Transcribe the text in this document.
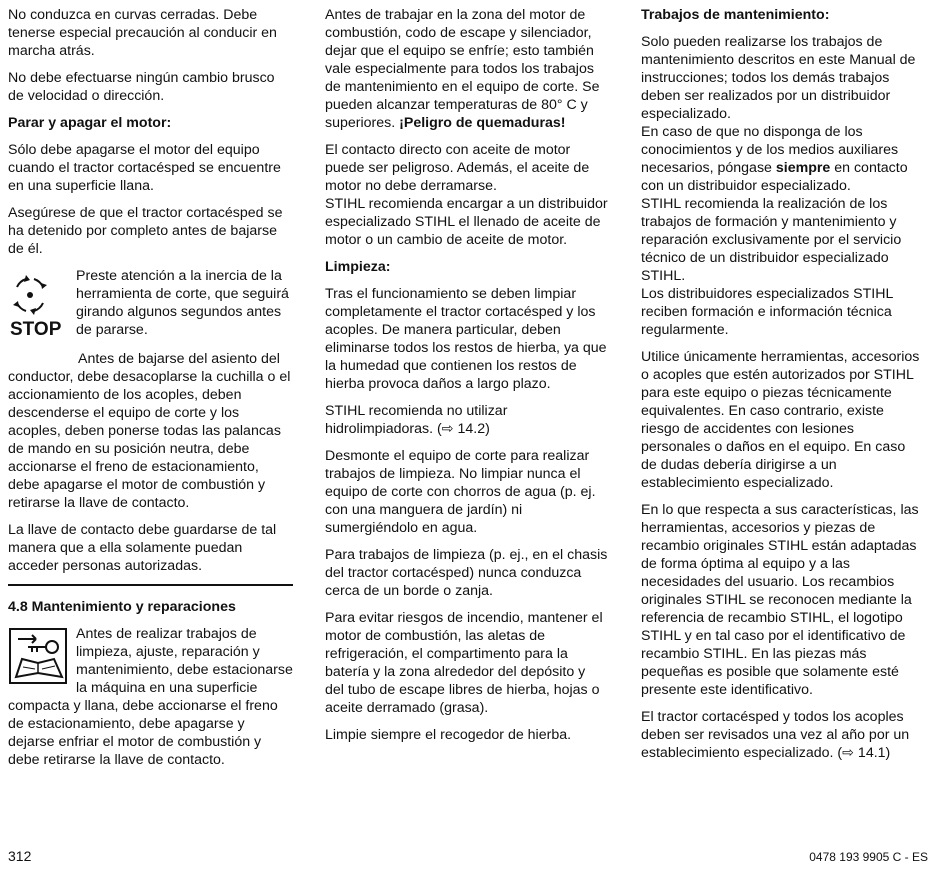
No conduzca en curvas cerradas. Debe tenerse especial precaución al conducir en marcha atrás.

No debe efectuarse ningún cambio brusco de velocidad o dirección.

Parar y apagar el motor:

Sólo debe apagarse el motor del equipo cuando el tractor cortacésped se encuentre en una superficie llana.

Asegúrese de que el tractor cortacésped se ha detenido por completo antes de bajarse de él.

STOP
Preste atención a la inercia de la herramienta de corte, que seguirá girando algunos segundos antes de pararse.

Antes de bajarse del asiento del conductor, debe desacoplarse la cuchilla o el accionamiento de los acoples, deben descenderse el equipo de corte y los acoples, deben ponerse todas las palancas de mando en su posición neutra, debe accionarse el freno de estacionamiento, debe apagarse el motor de combustión y retirarse la llave de contacto.

La llave de contacto debe guardarse de tal manera que a ella solamente puedan acceder personas autorizadas.

4.8 Mantenimiento y reparaciones

Antes de realizar trabajos de limpieza, ajuste, reparación y mantenimiento, debe estacionarse la máquina en una superficie compacta y llana, debe accionarse el freno de estacionamiento, debe apagarse y dejarse enfriar el motor de combustión y debe retirarse la llave de contacto.

Antes de trabajar en la zona del motor de combustión, codo de escape y silenciador, dejar que el equipo se enfríe; esto también vale especialmente para todos los trabajos de mantenimiento en el equipo de corte. Se pueden alcanzar temperaturas de 80° C y superiores. ¡Peligro de quemaduras!

El contacto directo con aceite de motor puede ser peligroso. Además, el aceite de motor no debe derramarse.
STIHL recomienda encargar a un distribuidor especializado STIHL el llenado de aceite de motor o un cambio de aceite de motor.

Limpieza:

Tras el funcionamiento se deben limpiar completamente el tractor cortacésped y los acoples. De manera particular, deben eliminarse todos los restos de hierba, ya que la humedad que contienen los restos de hierba provoca daños a largo plazo.

STIHL recomienda no utilizar hidrolimpiadoras. (⇨ 14.2)

Desmonte el equipo de corte para realizar trabajos de limpieza. No limpiar nunca el equipo de corte con chorros de agua (p. ej. con una manguera de jardín) ni sumergiéndolo en agua.

Para trabajos de limpieza (p. ej., en el chasis del tractor cortacésped) nunca conduzca cerca de un borde o zanja.

Para evitar riesgos de incendio, mantener el motor de combustión, las aletas de refrigeración, el compartimento para la batería y la zona alrededor del depósito y del tubo de escape libres de hierba, hojas o aceite derramado (grasa).

Limpie siempre el recogedor de hierba.

Trabajos de mantenimiento:

Solo pueden realizarse los trabajos de mantenimiento descritos en este Manual de instrucciones; todos los demás trabajos deben ser realizados por un distribuidor especializado.
En caso de que no disponga de los conocimientos y de los medios auxiliares necesarios, póngase siempre en contacto con un distribuidor especializado.
STIHL recomienda la realización de los trabajos de formación y mantenimiento y reparación exclusivamente por el servicio técnico de un distribuidor especializado STIHL.
Los distribuidores especializados STIHL reciben formación e información técnica regularmente.

Utilice únicamente herramientas, accesorios o acoples que estén autorizados por STIHL para este equipo o piezas técnicamente equivalentes. En caso contrario, existe riesgo de accidentes con lesiones personales o daños en el equipo. En caso de dudas debería dirigirse a un establecimiento especializado.

En lo que respecta a sus características, las herramientas, accesorios y piezas de recambio originales STIHL están adaptadas de forma óptima al equipo y a las necesidades del usuario. Los recambios originales STIHL se reconocen mediante la referencia de recambio STIHL, el logotipo STIHL y en tal caso por el identificativo de recambio STIHL. En las piezas más pequeñas es posible que solamente esté presente este identificativo.

El tractor cortacésped y todos los acoples deben ser revisados una vez al año por un establecimiento especializado. (⇨ 14.1)

312	0478 193 9905 C - ES
